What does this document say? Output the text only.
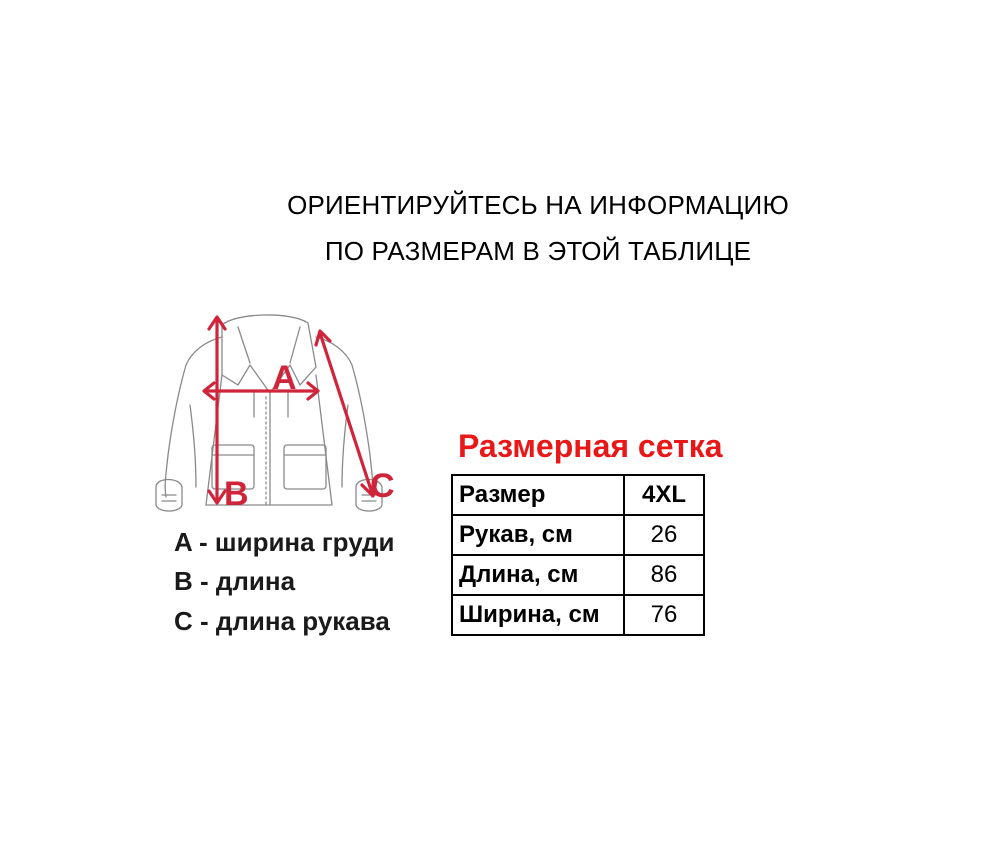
ОРИЕНТИРУЙТЕСЬ НА ИНФОРМАЦИЮ
ПО РАЗМЕРАМ В ЭТОЙ ТАБЛИЦЕ
A
B	C
A - ширина груди
B - длина
C - длина рукава
Размерная сетка
Размер	4XL
Рукав, см	26
Длина, см	86
Ширина, см	76
